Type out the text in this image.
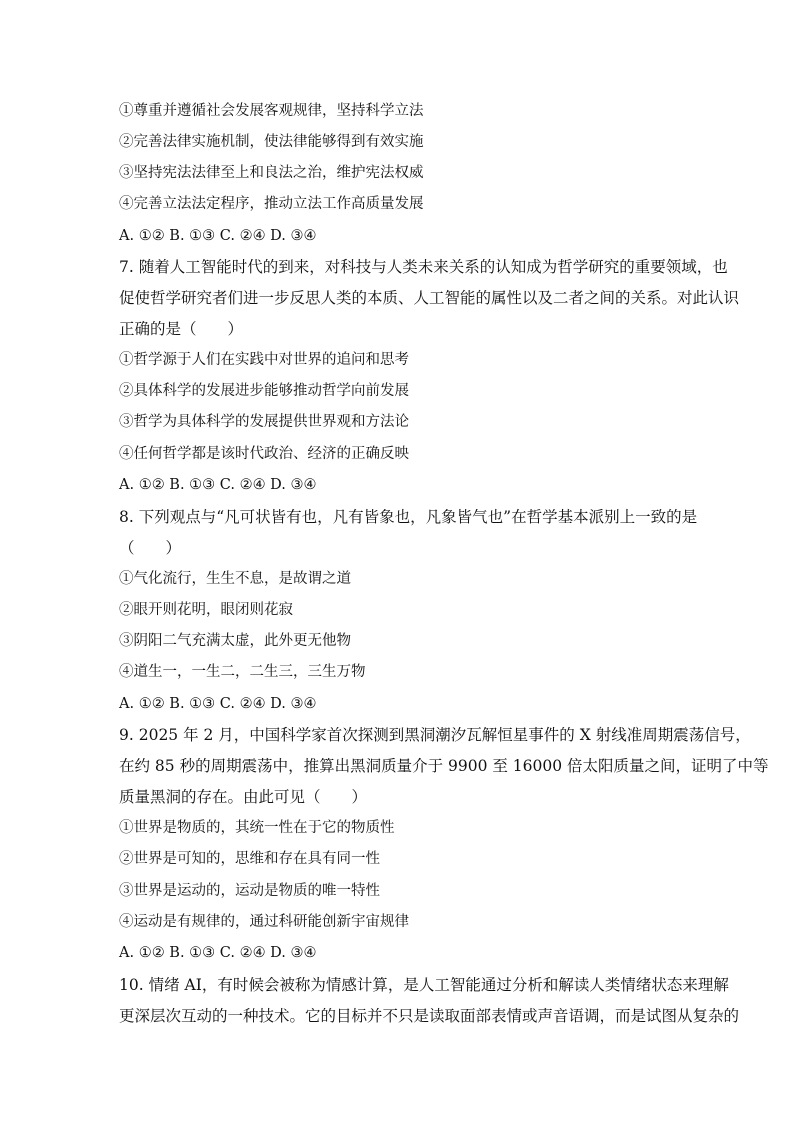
①尊重并遵循社会发展客观规律，坚持科学立法
②完善法律实施机制，使法律能够得到有效实施
③坚持宪法法律至上和良法之治，维护宪法权威
④完善立法法定程序，推动立法工作高质量发展
A. ①② B. ①③ C. ②④ D. ③④
7. 随着人工智能时代的到来，对科技与人类未来关系的认知成为哲学研究的重要领域，也
促使哲学研究者们进一步反思人类的本质、人工智能的属性以及二者之间的关系。对此认识
正确的是（　　）
①哲学源于人们在实践中对世界的追问和思考
②具体科学的发展进步能够推动哲学向前发展
③哲学为具体科学的发展提供世界观和方法论
④任何哲学都是该时代政治、经济的正确反映
A. ①② B. ①③ C. ②④ D. ③④
8. 下列观点与“凡可状皆有也，凡有皆象也，凡象皆气也”在哲学基本派别上一致的是
（　　）
①气化流行，生生不息，是故谓之道
②眼开则花明，眼闭则花寂
③阴阳二气充满太虚，此外更无他物
④道生一，一生二，二生三，三生万物
A. ①② B. ①③ C. ②④ D. ③④
9. 2025 年 2 月，中国科学家首次探测到黑洞潮汐瓦解恒星事件的 X 射线准周期震荡信号，
在约 85 秒的周期震荡中，推算出黑洞质量介于 9900 至 16000 倍太阳质量之间，证明了中等
质量黑洞的存在。由此可见（　　）
①世界是物质的，其统一性在于它的物质性
②世界是可知的，思维和存在具有同一性
③世界是运动的，运动是物质的唯一特性
④运动是有规律的，通过科研能创新宇宙规律
A. ①② B. ①③ C. ②④ D. ③④
10. 情绪 AI，有时候会被称为情感计算，是人工智能通过分析和解读人类情绪状态来理解
更深层次互动的一种技术。它的目标并不只是读取面部表情或声音语调，而是试图从复杂的
